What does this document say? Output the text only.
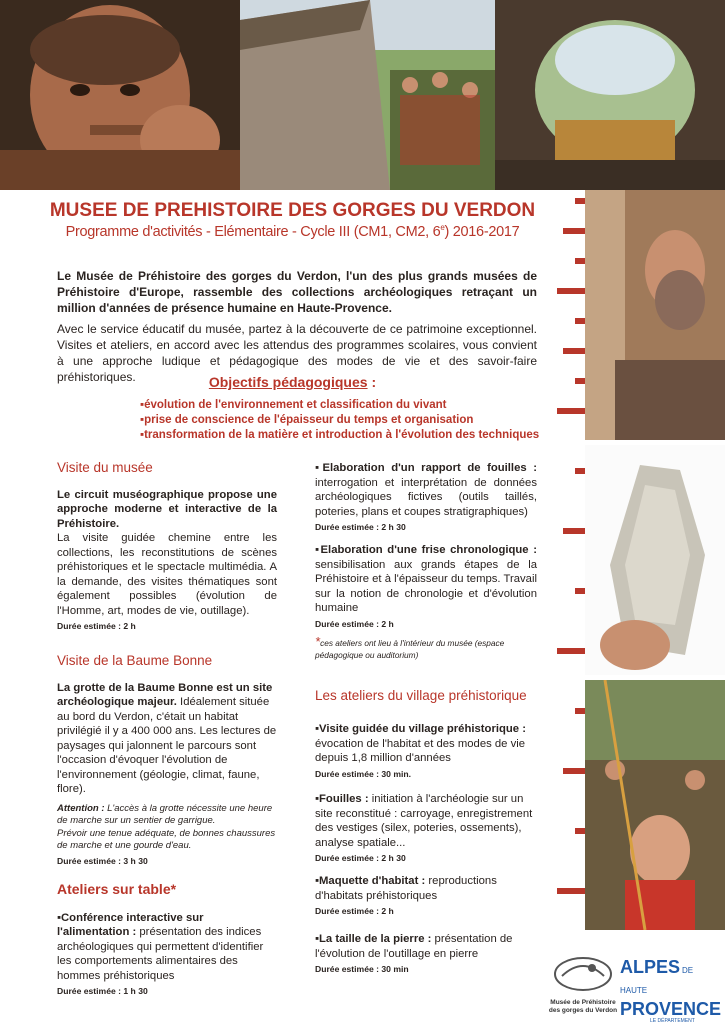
MUSEE DE PREHISTOIRE DES GORGES DU VERDON
Programme d'activités - Elémentaire - Cycle III (CM1, CM2, 6e) 2016-2017

Le Musée de Préhistoire des gorges du Verdon, l'un des plus grands musées de Préhistoire d'Europe, rassemble des collections archéologiques retraçant un million d'années de présence humaine en Haute-Provence.

Avec le service éducatif du musée, partez à la découverte de ce patrimoine exceptionnel. Visites et ateliers, en accord avec les attendus des programmes scolaires, vous convient à une approche ludique et pédagogique des modes de vie et des savoir-faire préhistoriques.	Objectifs pédagogiques :
▪ évolution de l'environnement et classification du vivant
▪ prise de conscience de l'épaisseur du temps et organisation
▪ transformation de la matière et introduction à l'évolution des techniques
Visite du musée

Le circuit muséographique propose une approche moderne et interactive de la Préhistoire.

La visite guidée chemine entre les collections, les reconstitutions de scènes préhistoriques et le spectacle multimédia. A la demande, des visites thématiques sont également possibles (évolution de l'Homme, art, modes de vie, outillage).

Durée estimée : 2 h
Visite de la Baume Bonne

La grotte de la Baume Bonne est un site archéologique majeur. Idéalement située au bord du Verdon, c'était un habitat privilégié il y a 400 000 ans. Les lectures de paysages qui jalonnent le parcours sont l'occasion d'évoquer l'évolution de l'environnement (géologie, climat, faune, flore).

Attention : L'accès à la grotte nécessite une heure de marche sur un sentier de garrigue.

Prévoir une tenue adéquate, de bonnes chaussures de marche et une gourde d'eau.

Durée estimée : 3 h 30
Ateliers sur table*

▪ Conférence interactive sur l'alimentation : présentation des indices archéologiques qui permettent d'identifier les comportements alimentaires des hommes préhistoriques

Durée estimée : 1 h 30

▪ Elaboration d'un rapport de fouilles : interrogation et interprétation de données archéologiques fictives (outils taillés, poteries, plans et coupes stratigraphiques)

Durée estimée : 2 h 30

▪ Elaboration d'une frise chronologique : sensibilisation aux grands étapes de la Préhistoire et à l'épaisseur du temps. Travail sur la notion de chronologie et d'évolution humaine

Durée estimée : 2 h
*ces ateliers ont lieu à l'intérieur du musée (espace pédagogique ou auditorium)
Les ateliers du village préhistorique

▪ Visite guidée du village préhistorique : évocation de l'habitat et des modes de vie depuis 1,8 million d'années

Durée estimée : 30 min.

▪ Fouilles : initiation à l'archéologie sur un site reconstitué : carroyage, enregistrement des vestiges (silex, poteries, ossements), analyse spatiale...

Durée estimée : 2 h 30

▪ Maquette d'habitat : reproductions d'habitats préhistoriques

Durée estimée : 2 h

▪ La taille de la pierre : présentation de l'évolution de l'outillage en pierre

Durée estimée : 30 min
Musée de Préhistoire
des gorges du Verdon
ALPES DE HAUTE
PROVENCE
LE DÉPARTEMENT
